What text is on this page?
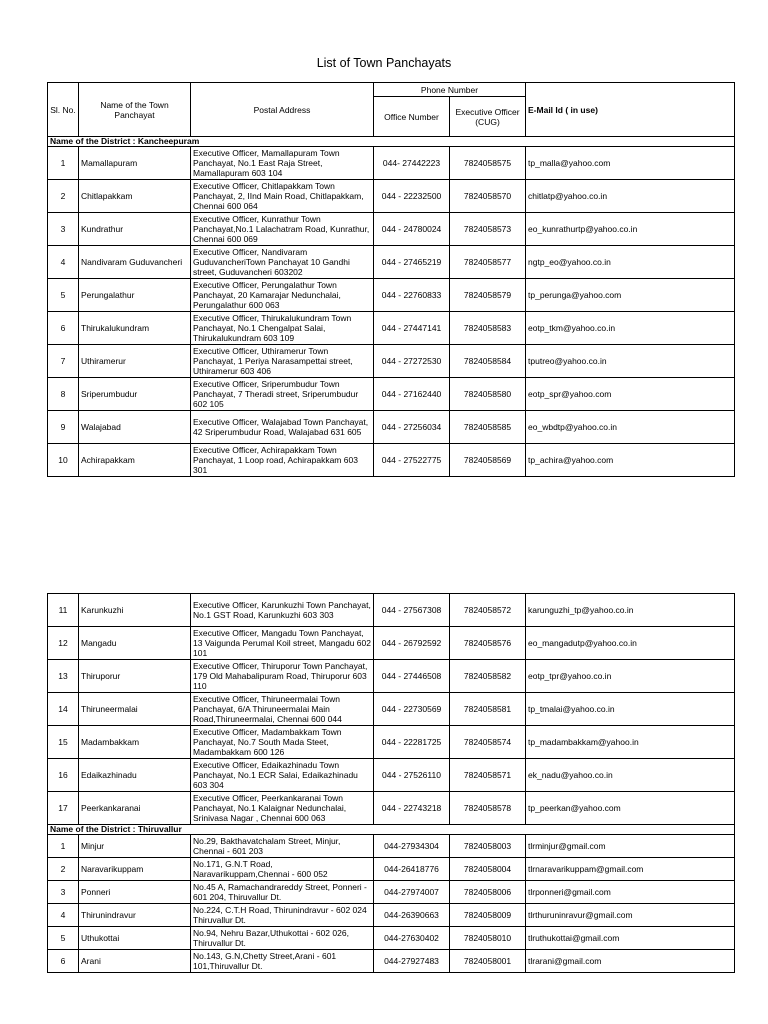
List of Town Panchayats
Sl. No.	Name of the Town Panchayat	Postal Address	Phone Number		E-Mail Id ( in use)
			Office Number	Executive Officer (CUG)	
Name of the District : Kancheepuram					
1	Mamallapuram	Executive Officer, Mamallapuram Town Panchayat, No.1 East Raja Street, Mamallapuram 603 104	044- 27442223	7824058575	tp_malla@yahoo.com
2	Chitlapakkam	Executive Officer, Chitlapakkam Town Panchayat, 2, IInd Main Road, Chitlapakkam, Chennai 600 064	044 - 22232500	7824058570	chitlatp@yahoo.co.in
3	Kundrathur	Executive Officer, Kunrathur Town Panchayat,No.1 Lalachatram Road, Kunrathur, Chennai 600 069	044 - 24780024	7824058573	eo_kunrathurtp@yahoo.co.in
4	Nandivaram Guduvancheri	Executive Officer, Nandivaram GuduvancheriTown Panchayat 10 Gandhi street, Guduvancheri 603202	044 - 27465219	7824058577	ngtp_eo@yahoo.co.in
5	Perungalathur	Executive Officer, Perungalathur Town Panchayat, 20 Kamarajar Nedunchalai, Perungalathur 600 063	044 - 22760833	7824058579	tp_perunga@yahoo.com
6	Thirukalukundram	Executive Officer, Thirukalukundram Town Panchayat, No.1 Chengalpat Salai, Thirukalukundram 603 109	044 - 27447141	7824058583	eotp_tkm@yahoo.co.in
7	Uthiramerur	Executive Officer, Uthiramerur Town Panchayat, 1 Periya Narasampettai street, Uthiramerur 603 406	044 - 27272530	7824058584	tputreo@yahoo.co.in
8	Sriperumbudur	Executive Officer, Sriperumbudur Town Panchayat, 7 Theradi street, Sriperumbudur 602 105	044 - 27162440	7824058580	eotp_spr@yahoo.com
9	Walajabad	Executive Officer, Walajabad Town Panchayat, 42 Sriperumbudur Road, Walajabad 631 605	044 - 27256034	7824058585	eo_wbdtp@yahoo.co.in
10	Achirapakkam	Executive Officer, Achirapakkam Town Panchayat, 1 Loop road, Achirapakkam 603 301	044 - 27522775	7824058569	tp_achira@yahoo.com
11	Karunkuzhi	Executive Officer, Karunkuzhi Town Panchayat, No.1 GST Road, Karunkuzhi 603 303	044 - 27567308	7824058572	karunguzhi_tp@yahoo.co.in
12	Mangadu	Executive Officer, Mangadu Town Panchayat, 13 Vaigunda Perumal Koil street, Mangadu 602 101	044 - 26792592	7824058576	eo_mangadutp@yahoo.co.in
13	Thiruporur	Executive Officer, Thiruporur Town Panchayat, 179 Old Mahabalipuram Road, Thiruporur 603 110	044 - 27446508	7824058582	eotp_tpr@yahoo.co.in
14	Thiruneermalai	Executive Officer, Thiruneermalai Town Panchayat, 6/A Thiruneermalai Main Road,Thiruneermalai, Chennai 600 044	044 - 22730569	7824058581	tp_tmalai@yahoo.co.in
15	Madambakkam	Executive Officer, Madambakkam Town Panchayat, No.7 South Mada Steet, Madambakkam 600 126	044 - 22281725	7824058574	tp_madambakkam@yahoo.in
16	Edaikazhinadu	Executive Officer, Edaikazhinadu Town Panchayat, No.1 ECR Salai, Edaikazhinadu 603 304	044 - 27526110	7824058571	ek_nadu@yahoo.co.in
17	Peerkankaranai	Executive Officer, Peerkankaranai Town Panchayat, No.1 Kalaignar Nedunchalai, Srinivasa Nagar , Chennai 600 063	044 - 22743218	7824058578	tp_peerkan@yahoo.com
Name of the District : Thiruvallur					
1	Minjur	No.29, Bakthavatchalam Street, Minjur, Chennai - 601 203	044-27934304	7824058003	tlrminjur@gmail.com
2	Naravarikuppam	No.171, G.N.T Road, Naravarikuppam,Chennai - 600 052	044-26418776	7824058004	tlrnaravarikuppam@gmail.com
3	Ponneri	No.45 A, Ramachandrareddy Street, Ponneri - 601 204, Thiruvallur Dt.	044-27974007	7824058006	tlrponneri@gmail.com
4	Thirunindravur	No.224, C.T.H Road, Thirunindravur - 602 024 Thiruvallur Dt.	044-26390663	7824058009	tlrthuruninravur@gmail.com
5	Uthukottai	No.94, Nehru Bazar,Uthukottai - 602 026, Thiruvallur Dt.	044-27630402	7824058010	tlruthukottai@gmail.com
6	Arani	No.143, G.N,Chetty Street,Arani - 601 101,Thiruvallur Dt.	044-27927483	7824058001	tlrarani@gmail.com
